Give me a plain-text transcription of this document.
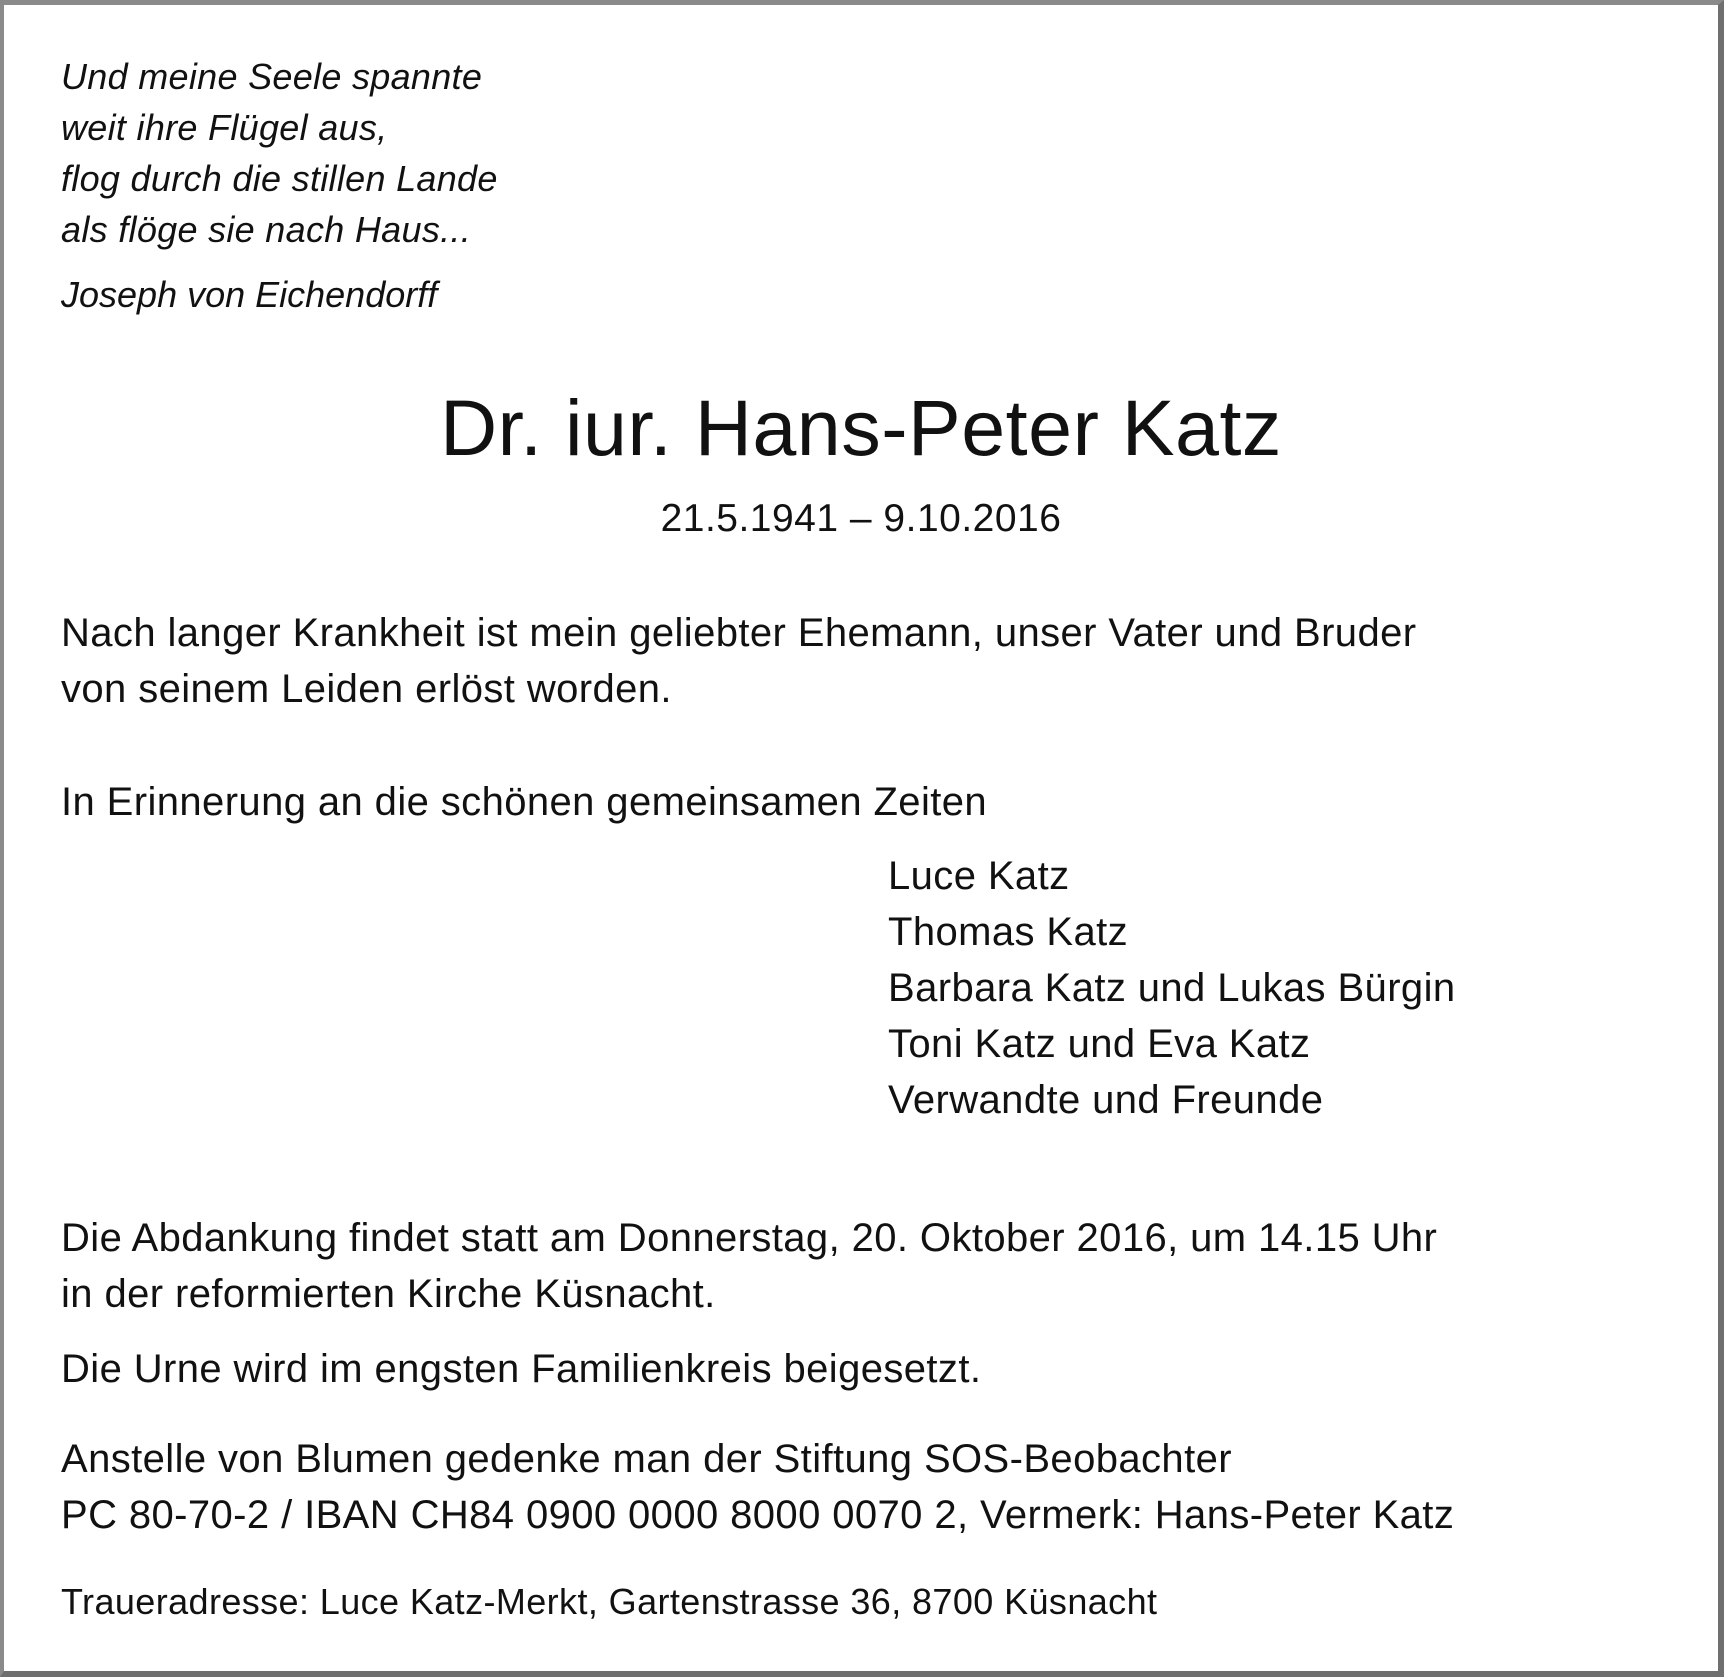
Und meine Seele spannte
weit ihre Flügel aus,
flog durch die stillen Lande
als flöge sie nach Haus...
Joseph von Eichendorff
Dr. iur. Hans-Peter Katz
21.5.1941 – 9.10.2016
Nach langer Krankheit ist mein geliebter Ehemann, unser Vater und Bruder
von seinem Leiden erlöst worden.
In Erinnerung an die schönen gemeinsamen Zeiten
Luce Katz
Thomas Katz
Barbara Katz und Lukas Bürgin
Toni Katz und Eva Katz
Verwandte und Freunde
Die Abdankung findet statt am Donnerstag, 20. Oktober 2016, um 14.15 Uhr
in der reformierten Kirche Küsnacht.
Die Urne wird im engsten Familienkreis beigesetzt.
Anstelle von Blumen gedenke man der Stiftung SOS-Beobachter
PC 80-70-2 / IBAN CH84 0900 0000 8000 0070 2, Vermerk: Hans-Peter Katz
Traueradresse: Luce Katz-Merkt, Gartenstrasse 36, 8700 Küsnacht
